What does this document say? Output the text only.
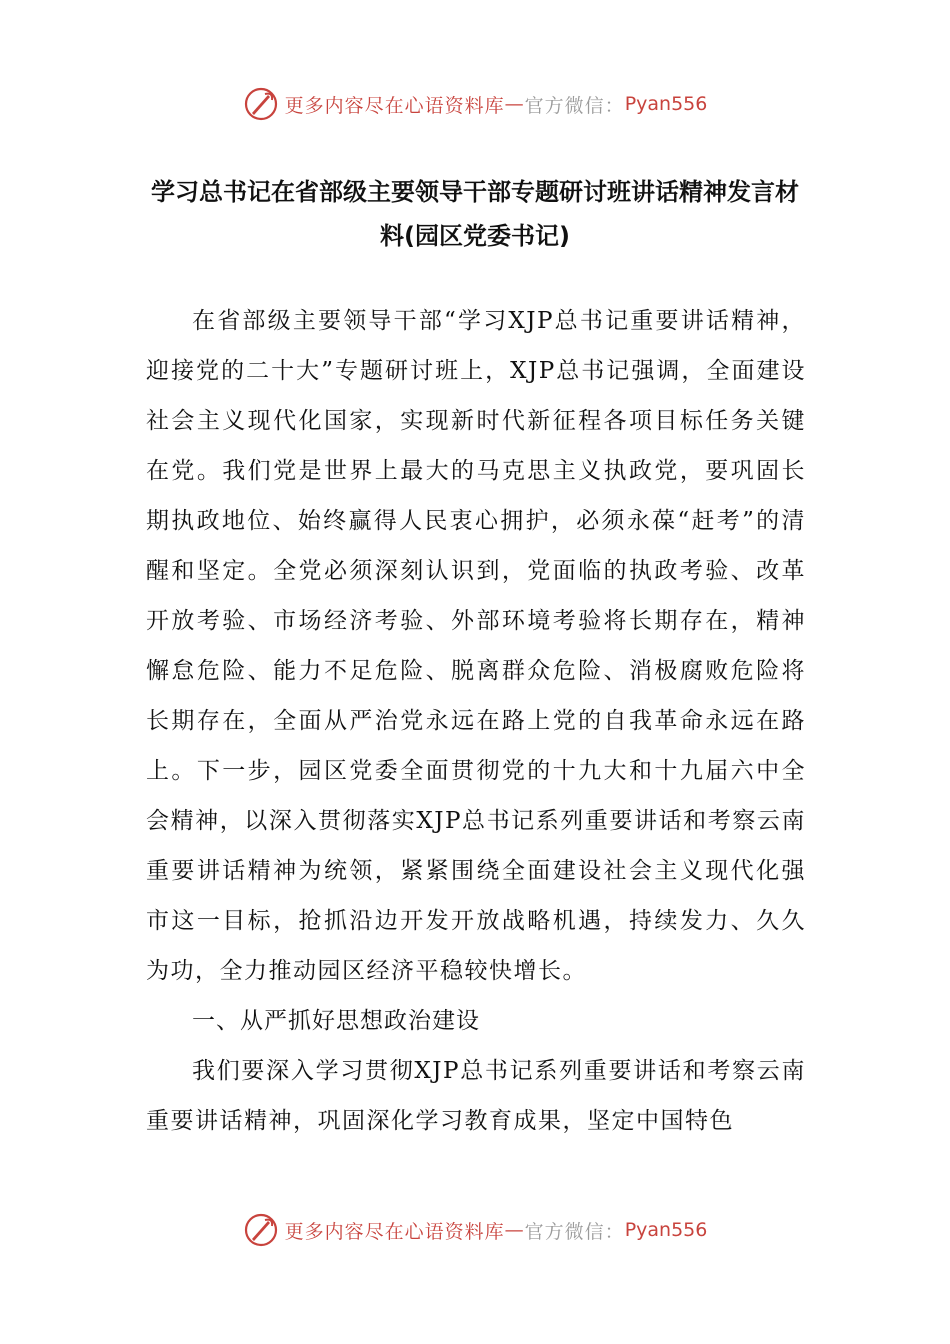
更多内容尽在心语资料库 — 官方微信： Pyan556
学习总书记在省部级主要领导干部专题研讨班讲话精神发言材料(园区党委书记)

在省部级主要领导干部“学习XJP总书记重要讲话精神，迎接党的二十大”专题研讨班上，XJP总书记强调，全面建设社会主义现代化国家，实现新时代新征程各项目标任务关键在党。我们党是世界上最大的马克思主义执政党，要巩固长期执政地位、始终赢得人民衷心拥护，必须永葆“赶考”的清醒和坚定。全党必须深刻认识到，党面临的执政考验、改革开放考验、市场经济考验、外部环境考验将长期存在，精神懈怠危险、能力不足危险、脱离群众危险、消极腐败危险将长期存在，全面从严治党永远在路上党的自我革命永远在路上。下一步，园区党委全面贯彻党的十九大和十九届六中全会精神，以深入贯彻落实XJP总书记系列重要讲话和考察云南重要讲话精神为统领，紧紧围绕全面建设社会主义现代化强市这一目标，抢抓沿边开发开放战略机遇，持续发力、久久为功，全力推动园区经济平稳较快增长。

一、从严抓好思想政治建设

我们要深入学习贯彻XJP总书记系列重要讲话和考察云南重要讲话精神，巩固深化学习教育成果，坚定中国特色

更多内容尽在心语资料库 — 官方微信： Pyan556
